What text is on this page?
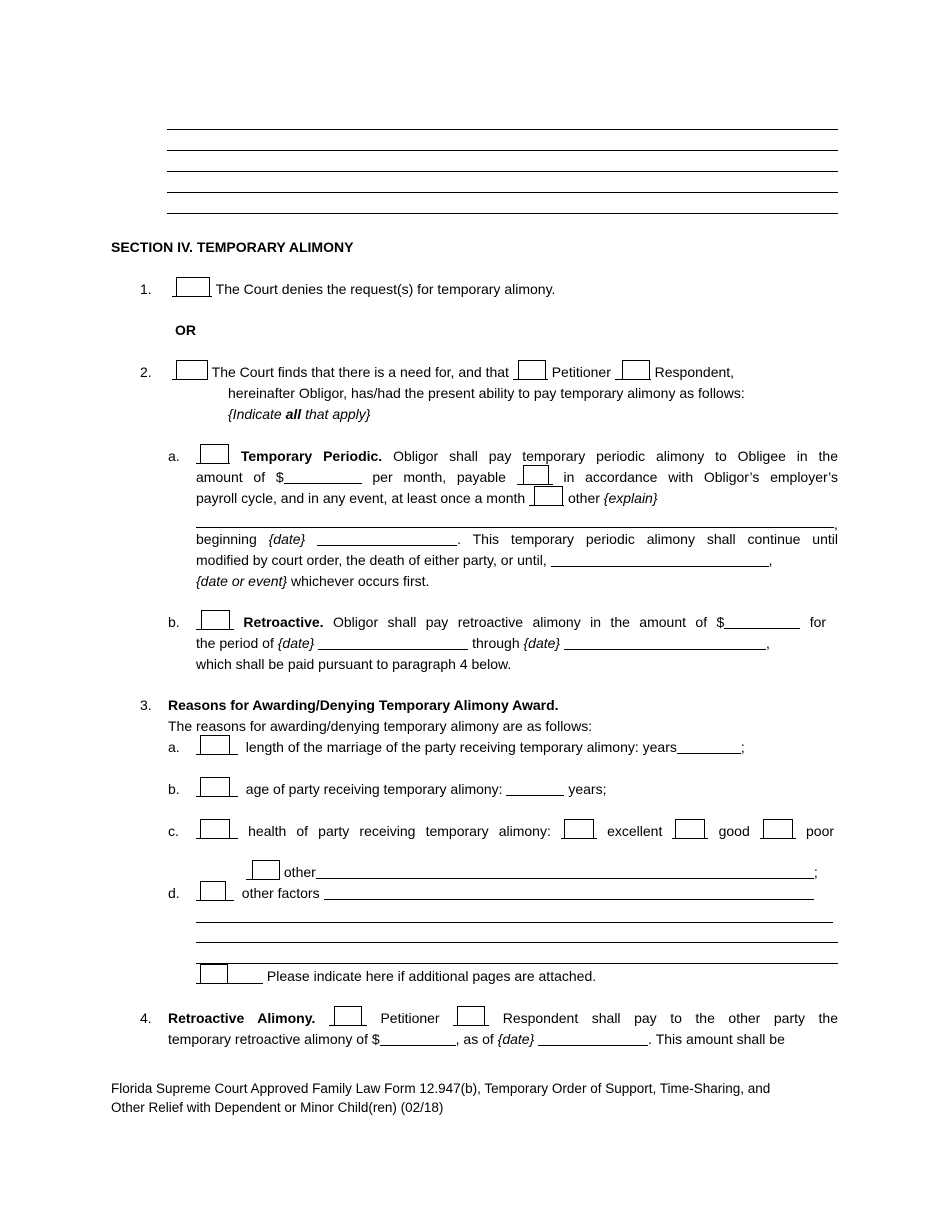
SECTION IV. TEMPORARY ALIMONY
1.	The Court denies the request(s) for temporary alimony.
OR
2.	The Court finds that there is a need for, and that	Petitioner	Respondent,
hereinafter Obligor, has/had the present ability to pay temporary alimony as follows:
{Indicate all that apply}
a.	Temporary Periodic. Obligor shall pay temporary periodic alimony to Obligee in the
amount of $	per month, payable	in accordance with Obligor’s employer’s
payroll cycle, and in any event, at least once a month	other {explain}
,
beginning {date}	. This temporary periodic alimony shall continue until
modified by court order, the death of either party, or until,	,
{date or event} whichever occurs first.
b.	Retroactive. Obligor shall pay retroactive alimony in the amount of $	for
the period of {date}	through {date}	,
which shall be paid pursuant to paragraph 4 below.
3. Reasons for Awarding/Denying Temporary Alimony Award.
The reasons for awarding/denying temporary alimony are as follows:
a.	length of the marriage of the party receiving temporary alimony: years	;
b.	age of party receiving temporary alimony:	years;
c.	health of party receiving temporary alimony:	excellent	good	poor
other	;
d.	other factors
Please indicate here if additional pages are attached.
4. Retroactive Alimony.	Petitioner	Respondent shall pay to the other party the
temporary retroactive alimony of $	, as of {date}	. This amount shall be
Florida Supreme Court Approved Family Law Form 12.947(b), Temporary Order of Support, Time-Sharing, and
Other Relief with Dependent or Minor Child(ren) (02/18)
